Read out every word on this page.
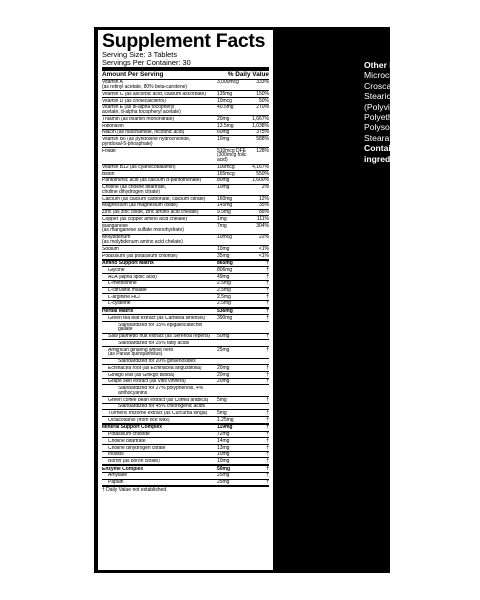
Supplement Facts
Serving Size: 3 Tablets
Servings Per Container: 30
Amount Per Serving	% Daily Value
Vitamin A
(as retinyl acetate, 80% beta-carotene)
3,000mcg	333%
Vitamin C (as ascorbic acid, calcium ascorbate)	135mg	150%
Vitamin D (as cholecalciferol)	10mcg	50%
Vitamin E (as dl-alpha tocopheryl
acetate, d-alpha tocopheryl acetate)
40.5mg	270%
Thiamin (as thiamin mononitrate)	20mg	1,667%
Riboflavin	13.5mg	1,038%
Niacin (as niacinamide, nicotinic acid)	60mg	375%
Vitamin B6 (as pyridoxine hydrochloride,
pyridoxal-5-phosphate)
10mg	588%
Folate	510mcg DFE
(300mcg folic acid)
128%
Vitamin B12 (as cyanocobalamin)	100mcg	4,167%
Biotin	165mcg	550%
Pantothenic acid (as calcium d-pantothenate)	80mg	1,600%
Choline (as choline bitartrate,
choline dihydrogen citrate)
10mg	2%
Calcium (as calcium carbonate, calcium citrate)	160mg	12%
Magnesium (as magnesium oxide)	145mg	35%
Zinc (as zinc oxide, zinc amino acid chelate)	9.5mg	86%
Copper (as copper amino acid chelate)	1mg	111%
Manganese
(as manganese sulfate monohydrate)
7mg	304%
Molybdenum
(as molybdenum amino acid chelate)
10mcg	22%
Sodium	10mg	<1%
Potassium (as potassium chloride)	35mg	<1%
Amino Support Matrix	865mg	†
Glycine	806mg	†
ALA (alpha lipoic acid)	49mg	†
L-methionine	2.5mg	†
L-citrulline malate	2.5mg	†
L-arginine HCl	2.5mg	†
L-cysteine	2.5mg	†
Herbal Matrix	536mg	†
Green tea leaf extract (as Camellia sinensis)	390mg	†
Standardized for 15% epigallocatechin gallate
Saw palmetto fruit extract (as Serenoa repens)	50mg	†
Standardized for 25% fatty acids
American ginseng whole herb
(as Panax quinquefolius)
25mg	†
Standardized for 20% ginsenosides
Echinacea root (as Echinacea angustifolia)	20mg	†
Ginkgo leaf (as Ginkgo biloba)	20mg	†
Grape skin extract (as Vitis vinifera)	20mg	†
Standardized for 27% polyphenols, 4% anthocyanins
Green coffee bean extract (as Coffea arabica)	5mg	†
Standardized for 45% chlorogenic acids
Turmeric rhizome extract (as Curcuma longa)	5mg	†
Octacosanol (from rice wax)	1.25mg	†
Mineral Support Complex	119mg	†
Potassium chloride	72mg	†
Choline bitartrate	14mg	†
Choline dihydrogen citrate	13mg	†
Inositol	10mg	†
Boron (as boron citrate)	10mg	†
Enzyme Complex	50mg	†
Amylase	25mg	†
Papain	25mg	†
† Daily Value not established.
Other Ingredients:
Microcrystalline Cellulose, Croscarmellose Sodium, Stearic Acid, Coating (Polyvinyl Alcohol, Talc, Polyethylene Glycol, Polysorbate 80), Magnesium Stearate, Silicon Dioxide. Contains sulfite and soy ingredients.
